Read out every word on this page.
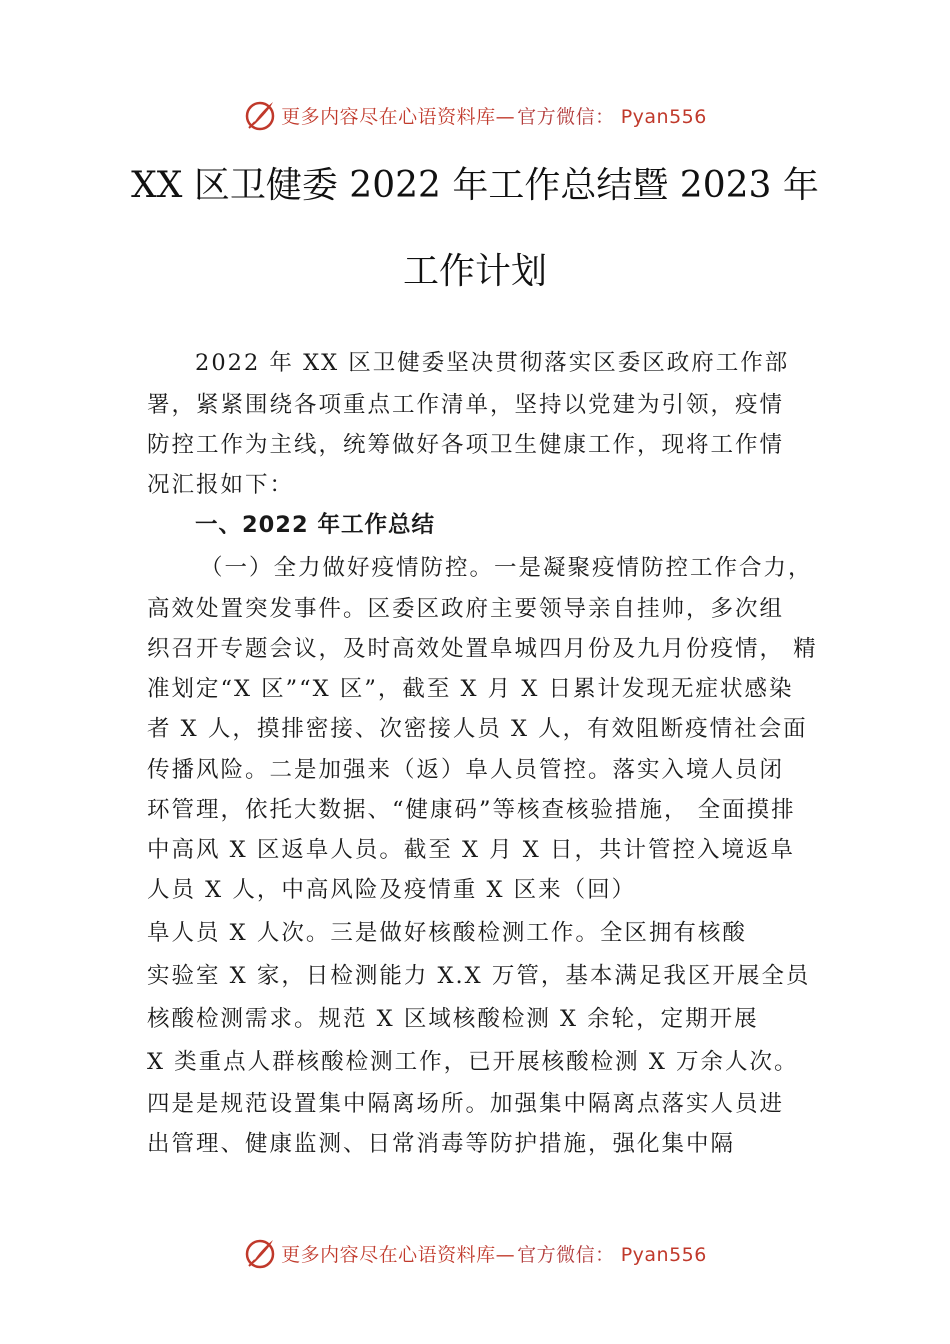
更多内容尽在心语资料库— 官方微信： Pyan556
XX 区卫健委 2022 年工作总结暨 2023 年
工作计划
2022 年 XX 区卫健委坚决贯彻落实区委区政府工作部
署，紧紧围绕各项重点工作清单，坚持以党建为引领，疫情
防控工作为主线，统筹做好各项卫生健康工作，现将工作情
况汇报如下：
一、2022 年工作总结
（一）全力做好疫情防控。一是凝聚疫情防控工作合力，
高效处置突发事件。区委区政府主要领导亲自挂帅，多次组
织召开专题会议，及时高效处置阜城四月份及九月份疫情， 精
准划定“X 区”“X 区”，截至 X 月 X 日累计发现无症状感染
者 X 人，摸排密接、次密接人员 X 人，有效阻断疫情社会面
传播风险。二是加强来（返）阜人员管控。落实入境人员闭
环管理，依托大数据、“健康码”等核查核验措施， 全面摸排
中高风 X 区返阜人员。截至 X 月 X 日，共计管控入境返阜
人员 X 人，中高风险及疫情重 X 区来（回）
阜人员 X 人次。三是做好核酸检测工作。全区拥有核酸
实验室 X 家，日检测能力 X.X 万管，基本满足我区开展全员
核酸检测需求。规范 X 区域核酸检测 X 余轮，定期开展
X 类重点人群核酸检测工作，已开展核酸检测 X 万余人次。
四是是规范设置集中隔离场所。加强集中隔离点落实人员进
出管理、健康监测、日常消毒等防护措施，强化集中隔
更多内容尽在心语资料库— 官方微信： Pyan556
